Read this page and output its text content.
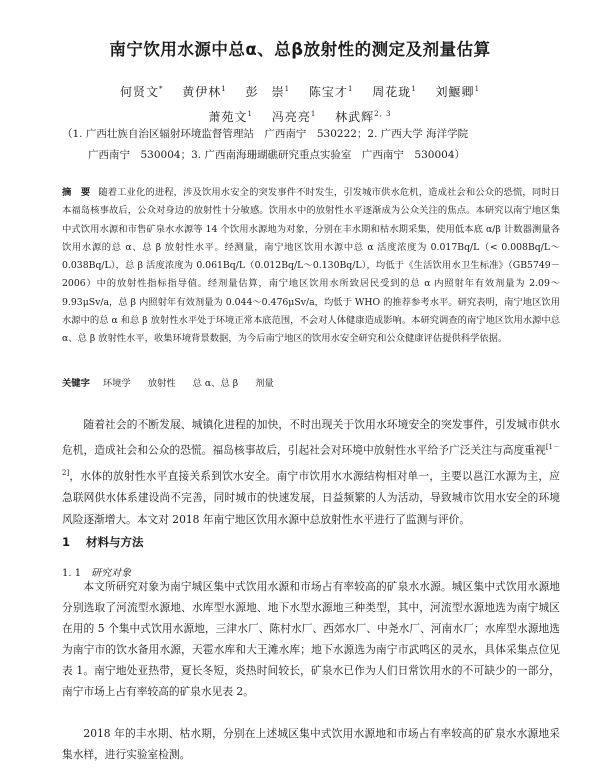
南宁饮用水源中总α、总β放射性的测定及剂量估算
何贤文* 黄伊林$^1$ 彭　崇$^1$ 陈宝才$^1$ 周花珑$^1$ 刘鰋卿$^1$
萧苑文$^1$ 冯亮亮$^1$ 林武辉$^{2, 3}$
（1. 广西壮族自治区辐射环境监督管理站　广西南宁　530222；2. 广西大学 海洋学院
广西南宁　530004；3. 广西南海珊瑚礁研究重点实验室　广西南宁　530004）
摘　要 随着工业化的进程，涉及饮用水安全的突发事件不时发生，引发城市供水危机，造成社会和公众的恐慌，同时日本福岛核事故后，公众对身边的放射性十分敏感。饮用水中的放射性水平逐渐成为公众关注的焦点。本研究以南宁地区集中式饮用水源和市售矿泉水水源等 14 个饮用水源地为对象，分别在丰水期和枯水期采集，使用低本底 α/β 计数器测量各饮用水源的总 α、总 β 放射性水平。经测量，南宁地区饮用水源中总 α 活度浓度为 0.017Bq/L（< 0.008Bq/L～0.038Bq/L），总 β 活度浓度为 0.061Bq/L（0.012Bq/L～0.130Bq/L），均低于《生活饮用水卫生标准》（GB5749－2006）中的放射性指标指导值。经剂量估算，南宁地区饮用水所致居民受到的总 α 内照射年有效剂量为 2.09～9.93μSv/a，总 β 内照射年有效剂量为 0.044～0.476μSv/a，均低于 WHO 的推荐参考水平。研究表明，南宁地区饮用水源中的总 α 和总 β 放射性水平处于环境正常本底范围，不会对人体健康造成影响。本研究调查的南宁地区饮用水源中总 α、总 β 放射性水平，收集环境背景数据，为今后南宁地区的饮用水安全研究和公众健康评估提供科学依据。
关键字 环境学 放射性 总 α、总 β 剂量
随着社会的不断发展、城镇化进程的加快，不时出现关于饮用水环境安全的突发事件，引发城市供水危机，造成社会和公众的恐慌。福岛核事故后，引起社会对环境中放射性水平给予广泛关注与高度重视[1－2]，水体的放射性水平直接关系到饮水安全。南宁市饮用水水源结构相对单一，主要以邕江水源为主，应急联网供水体系建设尚不完善，同时城市的快速发展，日益频繁的人为活动，导致城市饮用水安全的环境风险逐渐增大。本文对 2018 年南宁地区饮用水源中总放射性水平进行了监测与评价。
1 材料与方法
1. 1 研究对象
本文所研究对象为南宁城区集中式饮用水源和市场占有率较高的矿泉水水源。城区集中式饮用水源地分别选取了河流型水源地、水库型水源地、地下水型水源地三种类型，其中，河流型水源地选为南宁城区在用的 5 个集中式饮用水源地，三津水厂、陈村水厂、西郊水厂、中尧水厂、河南水厂；水库型水源地选为南宁市的饮水备用水源，天雹水库和大王滩水库；地下水源选为南宁市武鸣区的灵水，具体采集点位见表 1。南宁地处亚热带，夏长冬短，炎热时间较长，矿泉水已作为人们日常饮用水的不可缺少的一部分，南宁市场上占有率较高的矿泉水见表 2。
2018 年的丰水期、枯水期，分别在上述城区集中式饮用水源地和市场占有率较高的矿泉水水源地采集水样，进行实验室检测。
